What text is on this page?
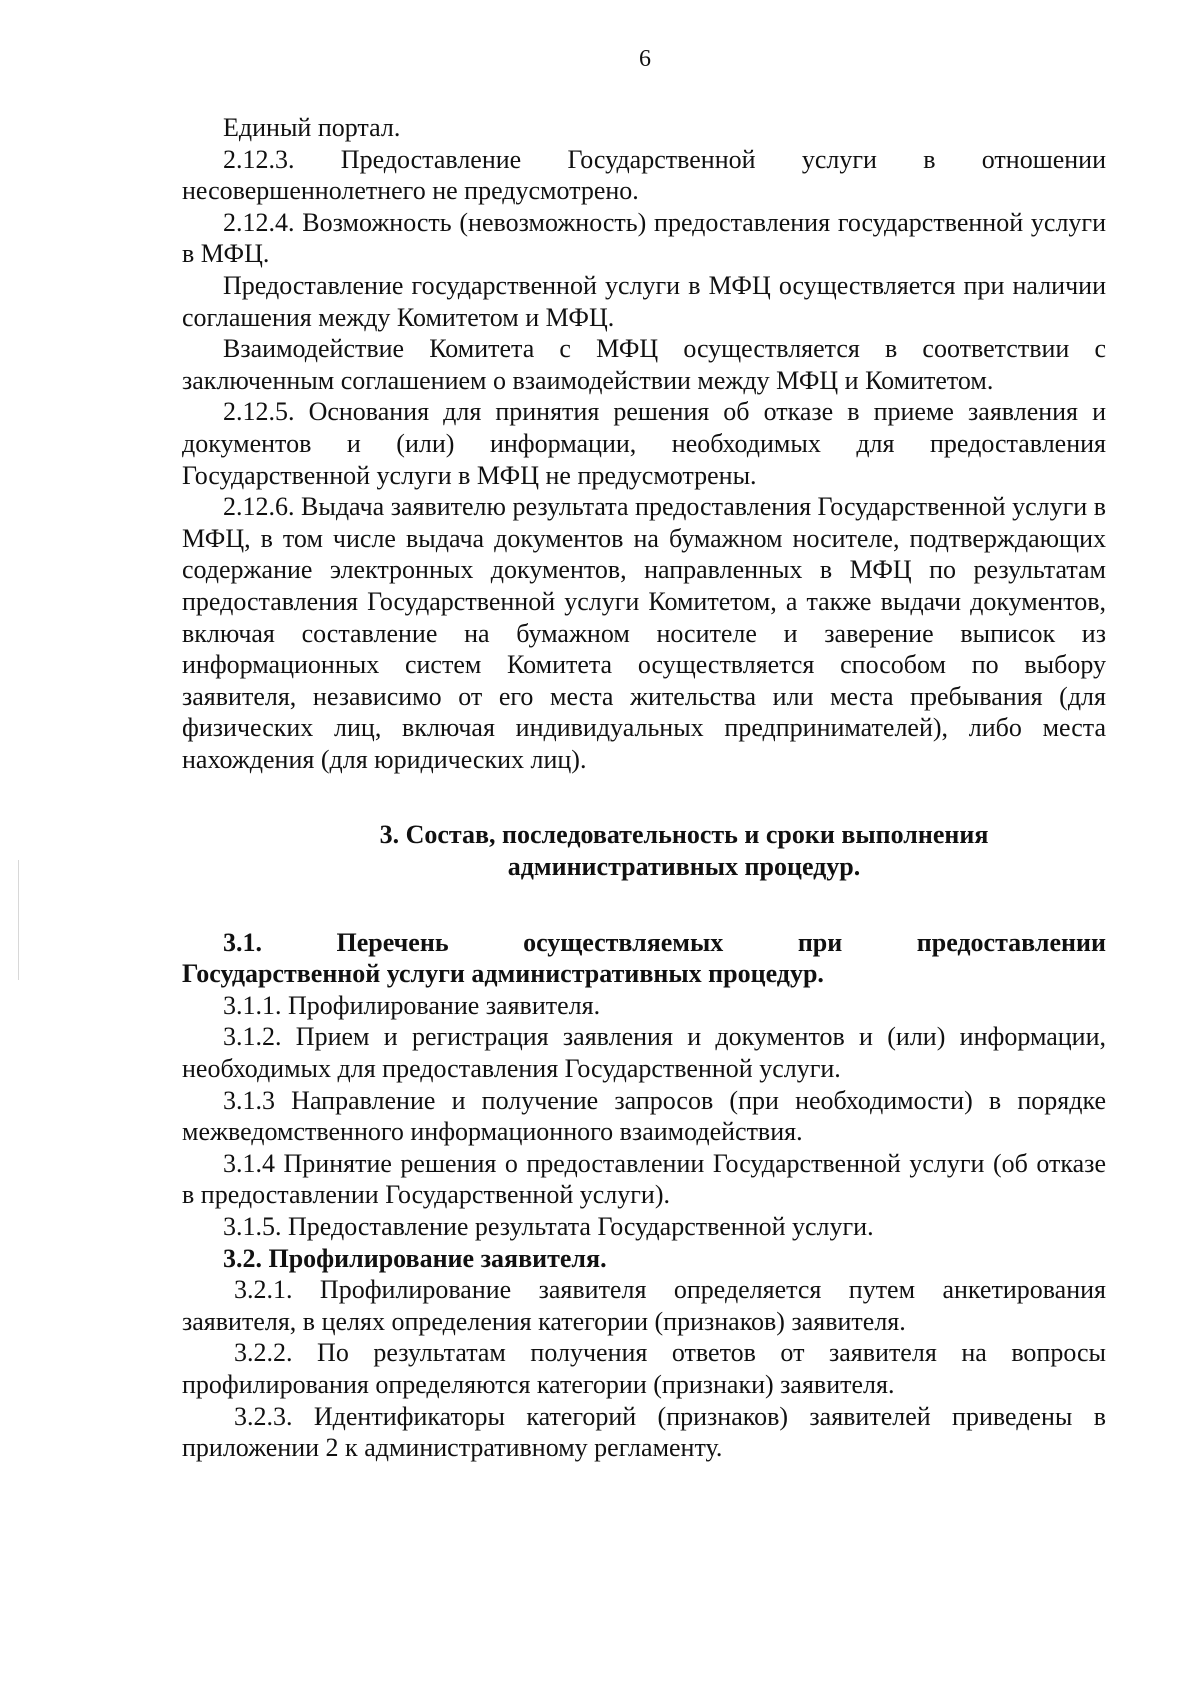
6

Единый портал.

2.12.3. Предоставление Государственной услуги в отношении несовершеннолетнего не предусмотрено.

2.12.4. Возможность (невозможность) предоставления государственной услуги в МФЦ.

Предоставление государственной услуги в МФЦ осуществляется при наличии соглашения между Комитетом и МФЦ.

Взаимодействие Комитета с МФЦ осуществляется в соответствии с заключенным соглашением о взаимодействии между МФЦ и Комитетом.

2.12.5. Основания для принятия решения об отказе в приеме заявления и документов и (или) информации, необходимых для предоставления Государственной услуги в МФЦ не предусмотрены.

2.12.6. Выдача заявителю результата предоставления Государственной услуги в МФЦ, в том числе выдача документов на бумажном носителе, подтверждающих содержание электронных документов, направленных в МФЦ по результатам предоставления Государственной услуги Комитетом, а также выдачи документов, включая составление на бумажном носителе и заверение выписок из информационных систем Комитета осуществляется способом по выбору заявителя, независимо от его места жительства или места пребывания (для физических лиц, включая индивидуальных предпринимателей), либо места нахождения (для юридических лиц).

3. Состав, последовательность и сроки выполнения
административных процедур.

3.1.	Перечень	осуществляемых	при	предоставлении
Государственной услуги административных процедур.

3.1.1. Профилирование заявителя.

3.1.2. Прием и регистрация заявления и документов и (или) информации, необходимых для предоставления Государственной услуги.

3.1.3 Направление и получение запросов (при необходимости) в порядке межведомственного информационного взаимодействия.

3.1.4 Принятие решения о предоставлении Государственной услуги (об отказе в предоставлении Государственной услуги).

3.1.5. Предоставление результата Государственной услуги.

3.2. Профилирование заявителя.

3.2.1. Профилирование заявителя определяется путем анкетирования заявителя, в целях определения категории (признаков) заявителя.

3.2.2. По результатам получения ответов от заявителя на вопросы профилирования определяются категории (признаки) заявителя.

3.2.3. Идентификаторы категорий (признаков) заявителей приведены в приложении 2 к административному регламенту.
